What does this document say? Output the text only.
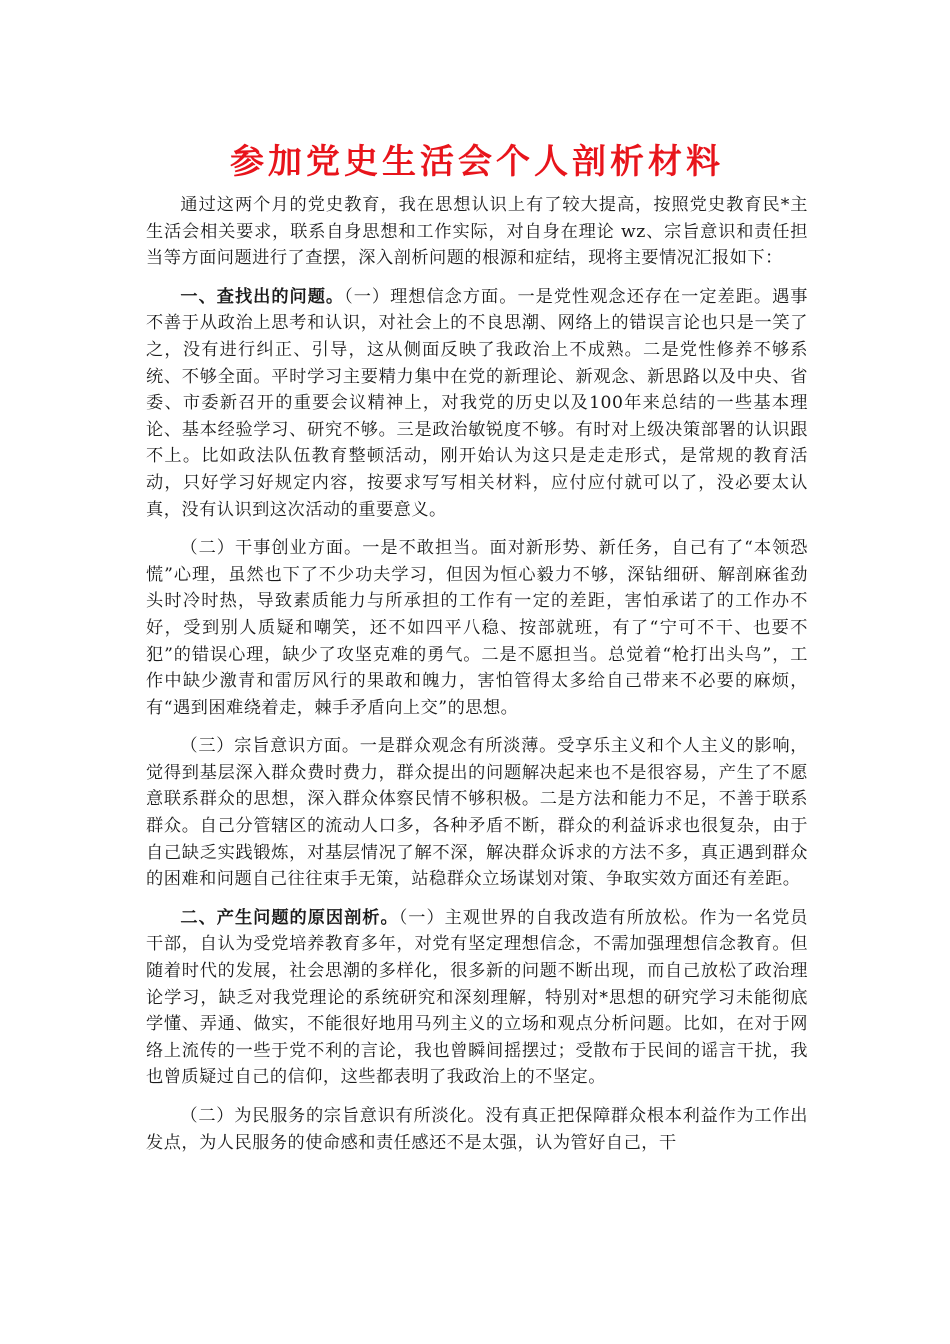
参加党史生活会个人剖析材料

通过这两个月的党史教育，我在思想认识上有了较大提高，按照党史教育民*主生活会相关要求，联系自身思想和工作实际，对自身在理论 wz、宗旨意识和责任担当等方面问题进行了查摆，深入剖析问题的根源和症结，现将主要情况汇报如下：

一、查找出的问题。（一）理想信念方面。一是党性观念还存在一定差距。遇事不善于从政治上思考和认识，对社会上的不良思潮、网络上的错误言论也只是一笑了之，没有进行纠正、引导，这从侧面反映了我政治上不成熟。二是党性修养不够系统、不够全面。平时学习主要精力集中在党的新理论、新观念、新思路以及中央、省委、市委新召开的重要会议精神上，对我党的历史以及100年来总结的一些基本理论、基本经验学习、研究不够。三是政治敏锐度不够。有时对上级决策部署的认识跟不上。比如政法队伍教育整顿活动，刚开始认为这只是走走形式，是常规的教育活动，只好学习好规定内容，按要求写写相关材料，应付应付就可以了，没必要太认真，没有认识到这次活动的重要意义。

（二）干事创业方面。一是不敢担当。面对新形势、新任务，自己有了“本领恐慌”心理，虽然也下了不少功夫学习，但因为恒心毅力不够，深钻细研、解剖麻雀劲头时冷时热，导致素质能力与所承担的工作有一定的差距，害怕承诺了的工作办不好，受到别人质疑和嘲笑，还不如四平八稳、按部就班，有了“宁可不干、也要不犯”的错误心理，缺少了攻坚克难的勇气。二是不愿担当。总觉着“枪打出头鸟”，工作中缺少激青和雷厉风行的果敢和魄力，害怕管得太多给自己带来不必要的麻烦，有“遇到困难绕着走，棘手矛盾向上交”的思想。

（三）宗旨意识方面。一是群众观念有所淡薄。受享乐主义和个人主义的影响，觉得到基层深入群众费时费力，群众提出的问题解决起来也不是很容易，产生了不愿意联系群众的思想，深入群众体察民情不够积极。二是方法和能力不足，不善于联系群众。自己分管辖区的流动人口多，各种矛盾不断，群众的利益诉求也很复杂，由于自己缺乏实践锻炼，对基层情况了解不深，解决群众诉求的方法不多，真正遇到群众的困难和问题自己往往束手无策，站稳群众立场谋划对策、争取实效方面还有差距。

二、产生问题的原因剖析。（一）主观世界的自我改造有所放松。作为一名党员干部，自认为受党培养教育多年，对党有坚定理想信念，不需加强理想信念教育。但随着时代的发展，社会思潮的多样化，很多新的问题不断出现，而自己放松了政治理论学习，缺乏对我党理论的系统研究和深刻理解，特别对*思想的研究学习未能彻底学懂、弄通、做实，不能很好地用马列主义的立场和观点分析问题。比如，在对于网络上流传的一些于党不利的言论，我也曾瞬间摇摆过；受散布于民间的谣言干扰，我也曾质疑过自己的信仰，这些都表明了我政治上的不坚定。

（二）为民服务的宗旨意识有所淡化。没有真正把保障群众根本利益作为工作出发点，为人民服务的使命感和责任感还不是太强，认为管好自己，干
